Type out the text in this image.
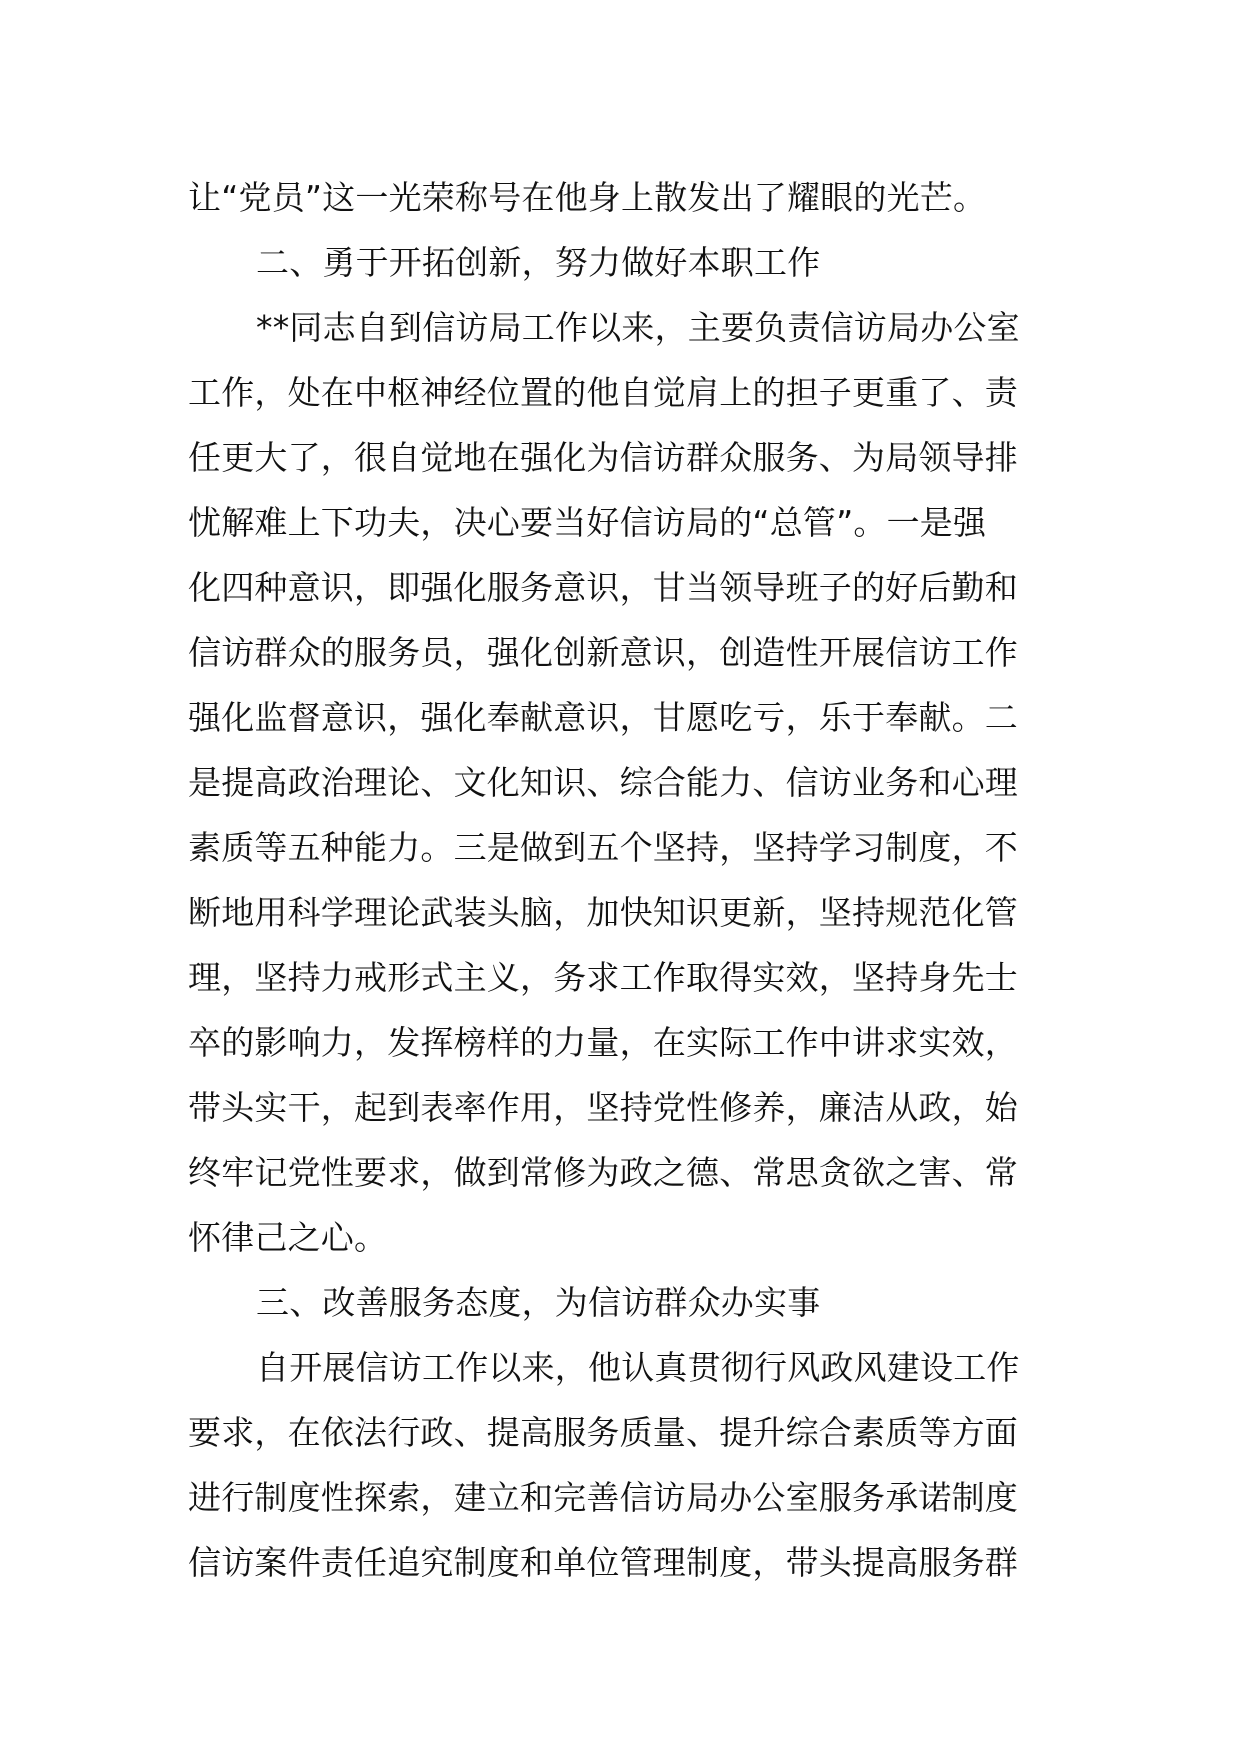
让“党员”这一光荣称号在他身上散发出了耀眼的光芒。
二、勇于开拓创新，努力做好本职工作
**同志自到信访局工作以来，主要负责信访局办公室
工作，处在中枢神经位置的他自觉肩上的担子更重了、责
任更大了，很自觉地在强化为信访群众服务、为局领导排
忧解难上下功夫，决心要当好信访局的“总管”。一是强
化四种意识，即强化服务意识，甘当领导班子的好后勤和
信访群众的服务员，强化创新意识，创造性开展信访工作
强化监督意识，强化奉献意识，甘愿吃亏，乐于奉献。二
是提高政治理论、文化知识、综合能力、信访业务和心理
素质等五种能力。三是做到五个坚持，坚持学习制度，不
断地用科学理论武装头脑，加快知识更新，坚持规范化管
理，坚持力戒形式主义，务求工作取得实效，坚持身先士
卒的影响力，发挥榜样的力量，在实际工作中讲求实效，
带头实干，起到表率作用，坚持党性修养，廉洁从政，始
终牢记党性要求，做到常修为政之德、常思贪欲之害、常
怀律己之心。
三、改善服务态度，为信访群众办实事
自开展信访工作以来，他认真贯彻行风政风建设工作
要求，在依法行政、提高服务质量、提升综合素质等方面
进行制度性探索，建立和完善信访局办公室服务承诺制度
信访案件责任追究制度和单位管理制度，带头提高服务群
